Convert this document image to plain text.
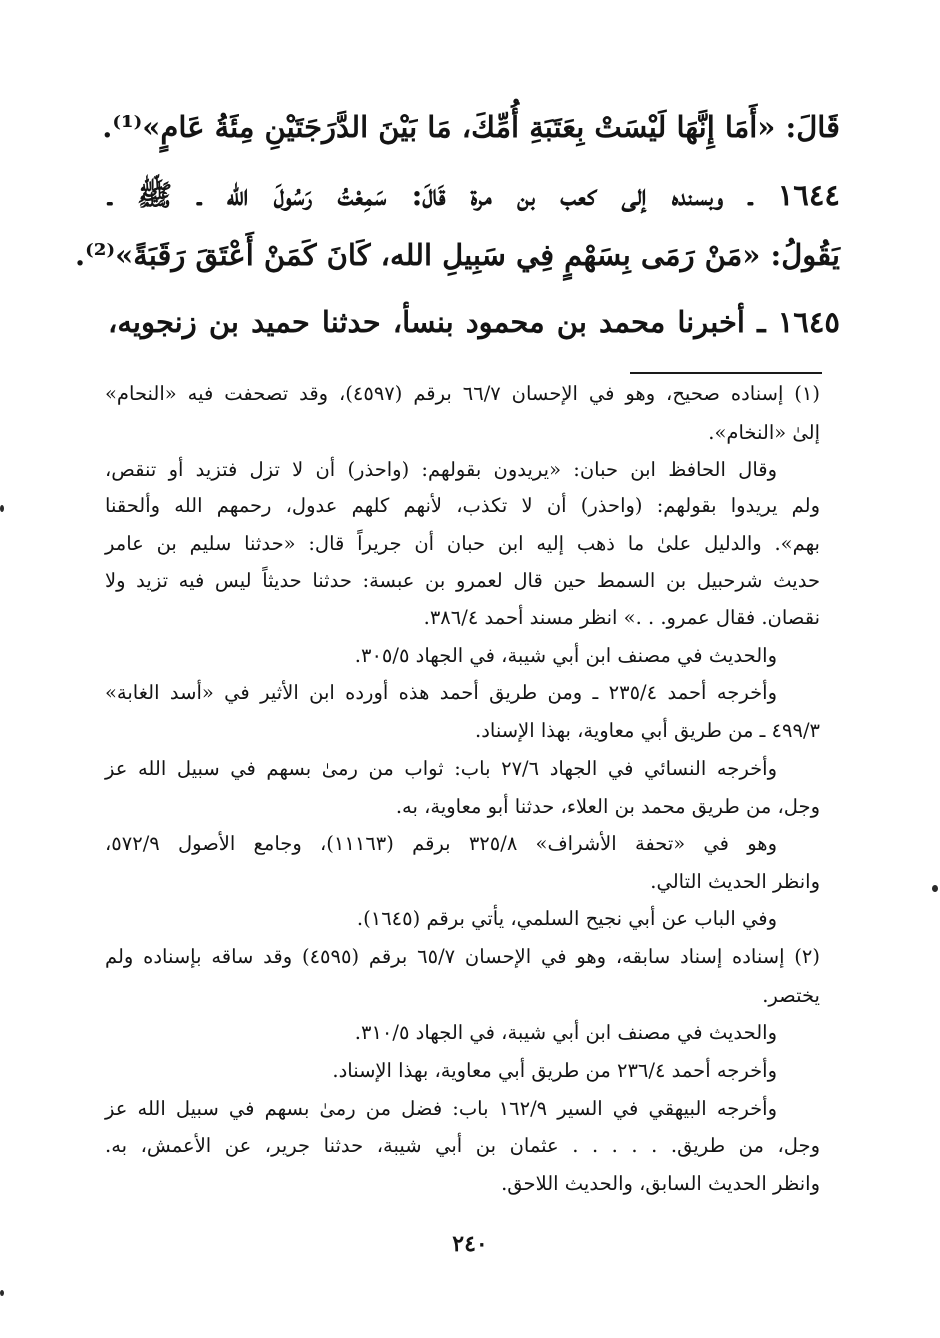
قَالَ: «أَمَا إِنَّهَا لَيْسَتْ بِعَتَبَةِ أُمِّكَ، مَا بَيْنَ الدَّرَجَتَيْنِ مِئَةُ عَامٍ»⁽¹⁾.

١٦٤٤ ـ وبسنده إلى كعب بن مرة قَالَ: سَمِعْتُ رَسُولَ الله ـ ﷺ ـ

يَقُولُ: «مَنْ رَمَى بِسَهْمٍ فِي سَبِيلِ الله، كَانَ كَمَنْ أَعْتَقَ رَقَبَةً»⁽²⁾.

١٦٤٥ ـ أخبرنا محمد بن محمود بنسأ، حدثنا حميد بن زنجويه،

(١) إسناده صحيح، وهو في الإحسان ٦٦/٧ برقم (٤٥٩٧)، وقد تصحفت فيه «النحام»

إلىٰ «النخام».

وقال الحافظ ابن حبان: «يريدون بقولهم: (واحذر) أن لا تزل فتزيد أو تنقص،

ولم يريدوا بقولهم: (واحذر) أن لا تكذب، لأنهم كلهم عدول، رحمهم الله وألحقنا

بهم». والدليل علىٰ ما ذهب إليه ابن حبان أن جريراً قال: «حدثنا سليم بن عامر

حديث شرحبيل بن السمط حين قال لعمرو بن عبسة: حدثنا حديثاً ليس فيه تزيد ولا

نقصان. فقال عمرو. . .» انظر مسند أحمد ٣٨٦/٤.

والحديث في مصنف ابن أبي شيبة، في الجهاد ٣٠٥/٥.

وأخرجه أحمد ٢٣٥/٤ ـ ومن طريق أحمد هذه أورده ابن الأثير في «أسد الغابة»

٤٩٩/٣ ـ من طريق أبي معاوية، بهذا الإسناد.

وأخرجه النسائي في الجهاد ٢٧/٦ باب: ثواب من رمىٰ بسهم في سبيل الله عز

وجل، من طريق محمد بن العلاء، حدثنا أبو معاوية، به.

وهو في «تحفة الأشراف» ٣٢٥/٨ برقم (١١١٦٣)، وجامع الأصول ٥٧٢/٩،

وانظر الحديث التالي.

وفي الباب عن أبي نجيح السلمي، يأتي برقم (١٦٤٥).

(٢) إسناده إسناد سابقه، وهو في الإحسان ٦٥/٧ برقم (٤٥٩٥) وقد ساقه بإسناده ولم

يختصر.

والحديث في مصنف ابن أبي شيبة، في الجهاد ٣١٠/٥.

وأخرجه أحمد ٢٣٦/٤ من طريق أبي معاوية، بهذا الإسناد.

وأخرجه البيهقي في السير ١٦٢/٩ باب: فضل من رمىٰ بسهم في سبيل الله عز

وجل، من طريق. . . . . . عثمان بن أبي شيبة، حدثنا جرير، عن الأعمش، به.

وانظر الحديث السابق، والحديث اللاحق.

٢٤٠
